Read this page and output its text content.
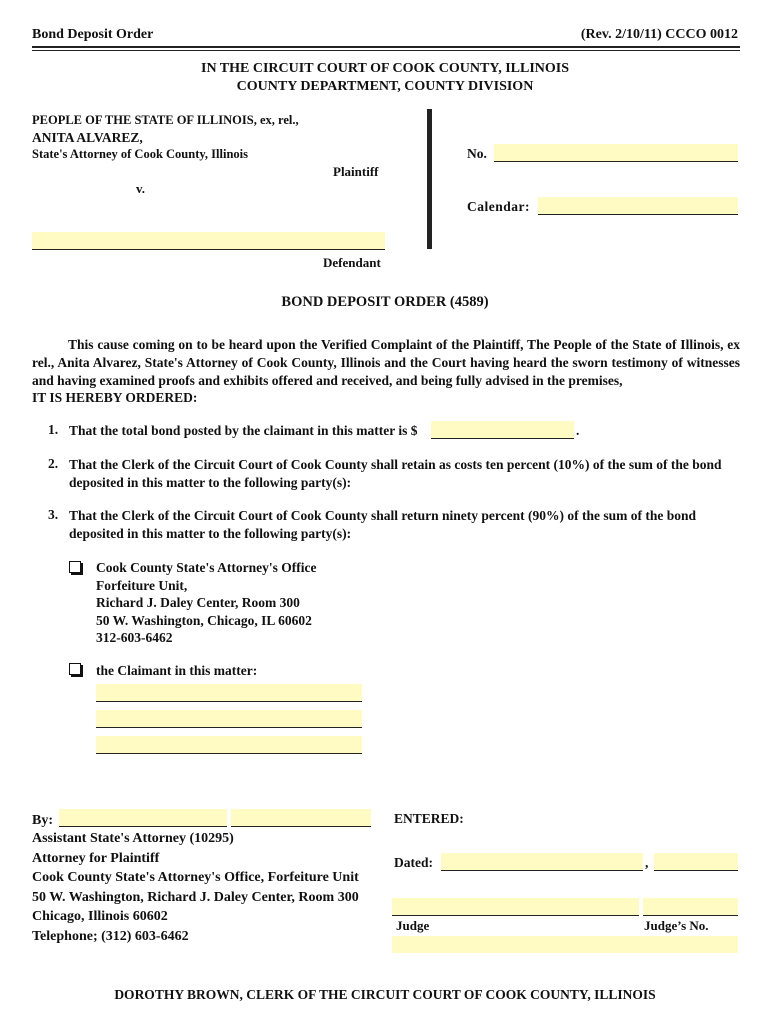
Bond Deposit Order	(Rev. 2/10/11) CCCO 0012
IN THE CIRCUIT COURT OF COOK COUNTY, ILLINOIS
COUNTY DEPARTMENT, COUNTY DIVISION
PEOPLE OF THE STATE OF ILLINOIS, ex, rel.,
ANITA ALVAREZ,
State's Attorney of Cook County, Illinois
Plaintiff
v.
Defendant
No.
Calendar:
BOND DEPOSIT ORDER (4589)
This cause coming on to be heard upon the Verified Complaint of the Plaintiff, The People of the State of Illinois, ex rel., Anita Alvarez, State's Attorney of Cook County, Illinois and the Court having heard the sworn testimony of witnesses and having examined proofs and exhibits offered and received, and being fully advised in the premises,
IT IS HEREBY ORDERED:
1. That the total bond posted by the claimant in this matter is $	.
2. That the Clerk of the Circuit Court of Cook County shall retain as costs ten percent (10%) of the sum of the bond deposited in this matter to the following party(s):
3. That the Clerk of the Circuit Court of Cook County shall return ninety percent (90%) of the sum of the bond deposited in this matter to the following party(s):
Cook County State's Attorney's Office
Forfeiture Unit,
Richard J. Daley Center, Room 300
50 W. Washington, Chicago, IL 60602
312-603-6462
the Claimant in this matter:
By:
Assistant State's Attorney (10295)
Attorney for Plaintiff
Cook County State's Attorney's Office, Forfeiture Unit
50 W. Washington, Richard J. Daley Center, Room 300
Chicago, Illinois 60602
Telephone; (312) 603-6462
ENTERED:
Dated:	,
Judge	Judge’s No.
DOROTHY BROWN, CLERK OF THE CIRCUIT COURT OF COOK COUNTY, ILLINOIS
